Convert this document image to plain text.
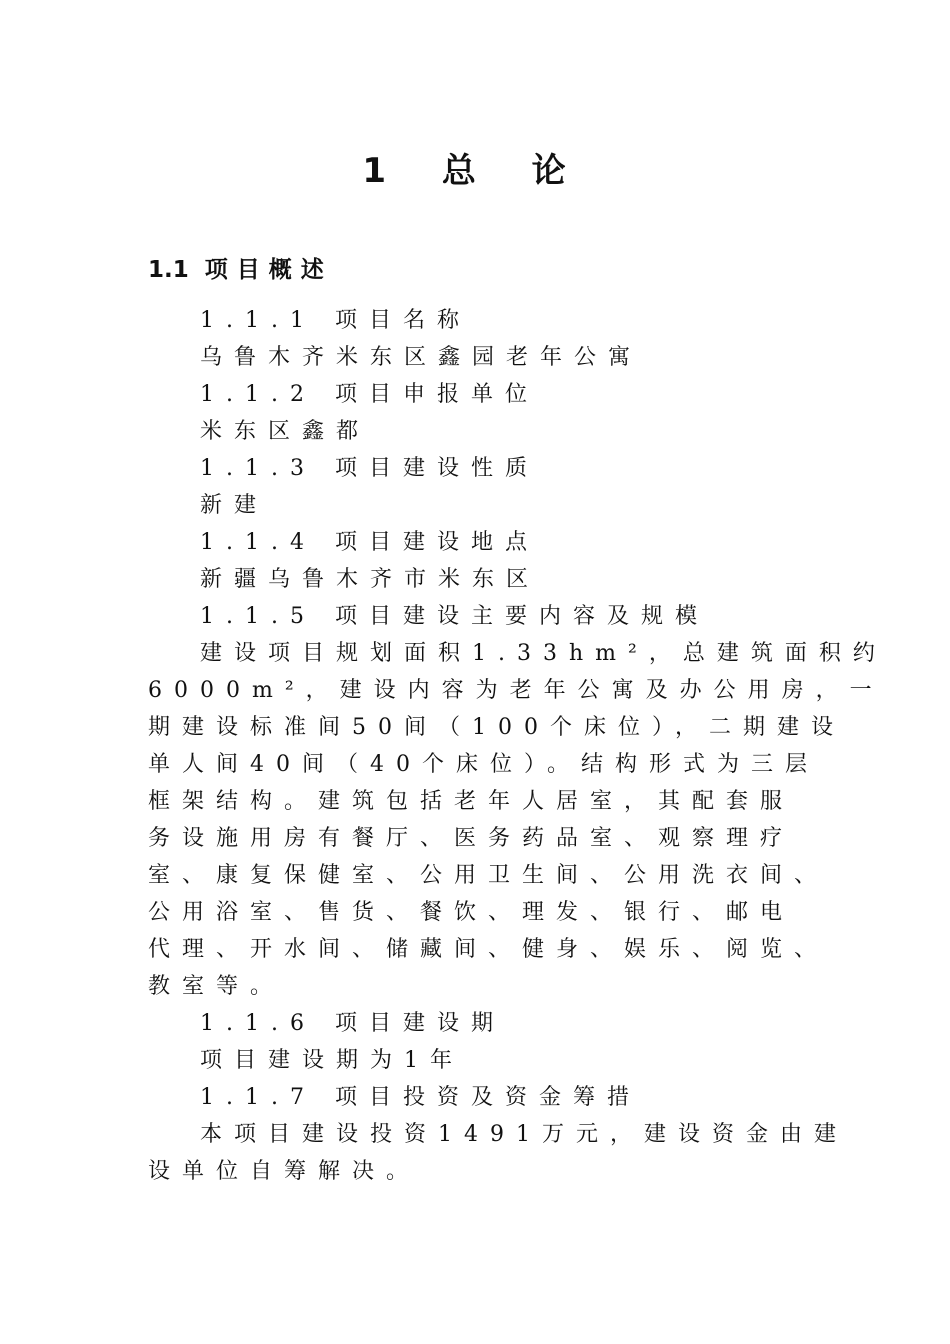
1 总 论
1.1 项目概述
1.1.1 项目名称
乌鲁木齐米东区鑫园老年公寓
1.1.2 项目申报单位
米东区鑫都
1.1.3 项目建设性质
新建
1.1.4 项目建设地点
新疆乌鲁木齐市米东区
1.1.5 项目建设主要内容及规模

建设项目规划面积1.33hm²，总建筑面积约

6000m²，建设内容为老年公寓及办公用房，一

期建设标准间50间（100个床位），二期建设

单人间40间（40个床位）。结构形式为三层

框架结构。建筑包括老年人居室，其配套服

务设施用房有餐厅、医务药品室、观察理疗

室、康复保健室、公用卫生间、公用洗衣间、

公用浴室、售货、餐饮、理发、银行、邮电

代理、开水间、储藏间、健身、娱乐、阅览、

教室等。

1.1.6 项目建设期
项目建设期为1年
1.1.7 项目投资及资金筹措

本项目建设投资1491万元，建设资金由建

设单位自筹解决。
